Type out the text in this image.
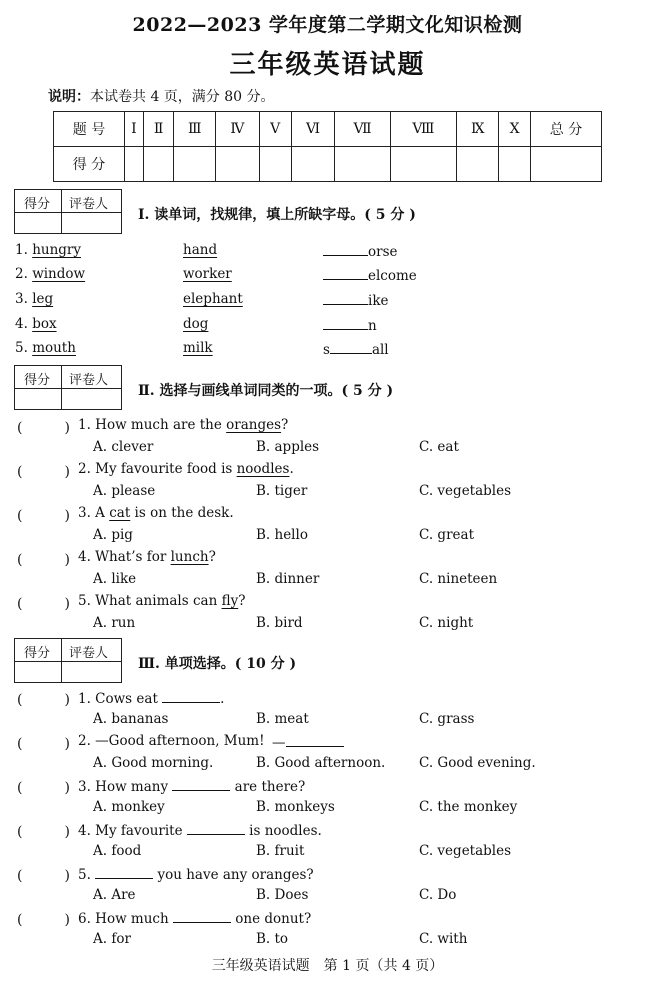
2022—2023 学年度第二学期文化知识检测
三年级英语试题
说明：本试卷共 4 页，满分 80 分。
题 号	Ⅰ	Ⅱ	Ⅲ	Ⅳ	Ⅴ	Ⅵ	Ⅶ	Ⅷ	Ⅸ	Ⅹ	总 分
得 分											
得分 评卷人
Ⅰ. 读单词，找规律，填上所缺字母。( 5 分 )
1. hungry	hand	orse
2. window	worker	elcome
3. leg	elephant	ike
4. box	dog	n
5. mouth	milk	s	all
得分 评卷人
Ⅱ. 选择与画线单词同类的一项。( 5 分 )
(　　　) 1. How much are the oranges?
A. clever	B. apples	C. eat
(　　　) 2. My favourite food is noodles.
A. please	B. tiger	C. vegetables
(　　　) 3. A cat is on the desk.
A. pig	B. hello	C. great
(　　　) 4. What’s for lunch?
A. like	B. dinner	C. nineteen
(　　　) 5. What animals can fly?
A. run	B. bird	C. night
得分 评卷人
Ⅲ. 单项选择。( 10 分 )
(　　　) 1. Cows eat	.
A. bananas	B. meat	C. grass
(　　　) 2. —Good afternoon, Mum! —
A. Good morning.	B. Good afternoon. C. Good evening.
(　　　) 3. How many	are there?
A. monkey	B. monkeys	C. the monkey
(　　　) 4. My favourite	is noodles.
A. food	B. fruit	C. vegetables
(　　　) 5.	you have any oranges?
A. Are	B. Does	C. Do
(　　　) 6. How much	one donut?
A. for	B. to	C. with
三年级英语试题　第 1 页（共 4 页）
